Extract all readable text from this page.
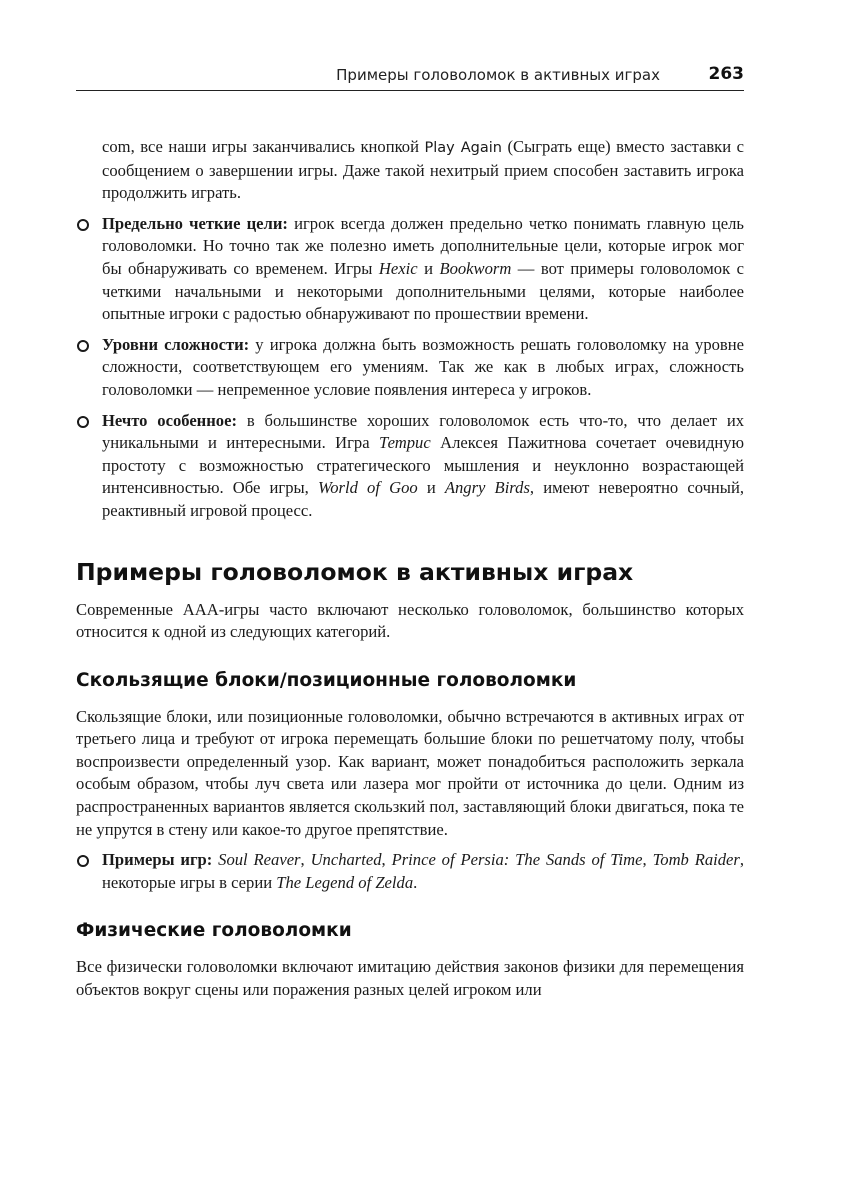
Примеры головоломок в активных играх	263

com, все наши игры заканчивались кнопкой Play Again (Сыграть еще) вместо заставки с сообщением о завершении игры. Даже такой нехитрый прием способен заставить игрока продолжить играть.

Предельно четкие цели: игрок всегда должен предельно четко понимать главную цель головоломки. Но точно так же полезно иметь дополнительные цели, которые игрок мог бы обнаруживать со временем. Игры Hexic и Bookworm — вот примеры головоломок с четкими начальными и некоторыми дополнительными целями, которые наиболее опытные игроки с радостью обнаруживают по прошествии времени.
Уровни сложности: у игрока должна быть возможность решать головоломку на уровне сложности, соответствующем его умениям. Так же как в любых играх, сложность головоломки — непременное условие появления интереса у игроков.
Нечто особенное: в большинстве хороших головоломок есть что-то, что делает их уникальными и интересными. Игра Тетрис Алексея Пажитнова сочетает очевидную простоту с возможностью стратегического мышления и неуклонно возрастающей интенсивностью. Обе игры, World of Goo и Angry Birds, имеют невероятно сочный, реактивный игровой процесс.
Примеры головоломок в активных играх

Современные AAA-игры часто включают несколько головоломок, большинство которых относится к одной из следующих категорий.

Скользящие блоки/позиционные головоломки

Скользящие блоки, или позиционные головоломки, обычно встречаются в активных играх от третьего лица и требуют от игрока перемещать большие блоки по решетчатому полу, чтобы воспроизвести определенный узор. Как вариант, может понадобиться расположить зеркала особым образом, чтобы луч света или лазера мог пройти от источника до цели. Одним из распространенных вариантов является скользкий пол, заставляющий блоки двигаться, пока те не упрутся в стену или какое-то другое препятствие.

Примеры игр: Soul Reaver, Uncharted, Prince of Persia: The Sands of Time, Tomb Raider, некоторые игры в серии The Legend of Zelda.
Физические головоломки

Все физически головоломки включают имитацию действия законов физики для перемещения объектов вокруг сцены или поражения разных целей игроком или
